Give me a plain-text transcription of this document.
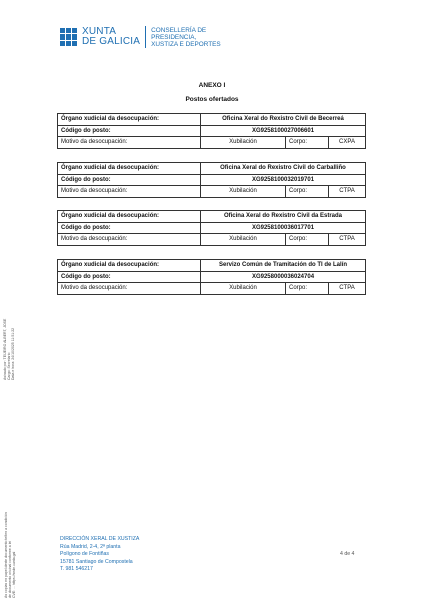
XUNTA
DE GALICIA
CONSELLERÍA DE
PRESIDENCIA,
XUSTIZA E DEPORTES
ANEXO I
Postos ofertados
Órgano xudicial da desocupación:	Oficina Xeral do Rexistro Civil de Becerreá		
Código do posto:	XG9258100027006601		
Motivo da desocupación:	Xubilación	Corpo:	CXPA
Órgano xudicial da desocupación:	Oficina Xeral do Rexistro Civil do Carballiño		
Código do posto:	XG9258100032019701		
Motivo da desocupación:	Xubilación	Corpo:	CTPA
Órgano xudicial da desocupación:	Oficina Xeral do Rexistro Civil da Estrada		
Código do posto:	XG9258100036017701		
Motivo da desocupación:	Xubilación	Corpo:	CTPA
Órgano xudicial da desocupación:	Servizo Común de Tramitación do TI de Lalín		
Código do posto:	XG9258000036024704		
Motivo da desocupación:	Xubilación	Corpo:	CTPA
Asinado por: TEIJEIRO ALBERT, JOSE Cargo: Secretario Data e hora: 24/10/2025 11:51:22
As copias en papel deste documento teñen a condición de documento orixinal conforme a lei CVE: ... https://sede.xunta.gal
DIRECCIÓN XERAL DE XUSTIZA
Rúa Madrid, 2-4, 2ª planta
Polígono de Fontiñas
15781 Santiago de Compostela
T. 981 546217
4 de 4
